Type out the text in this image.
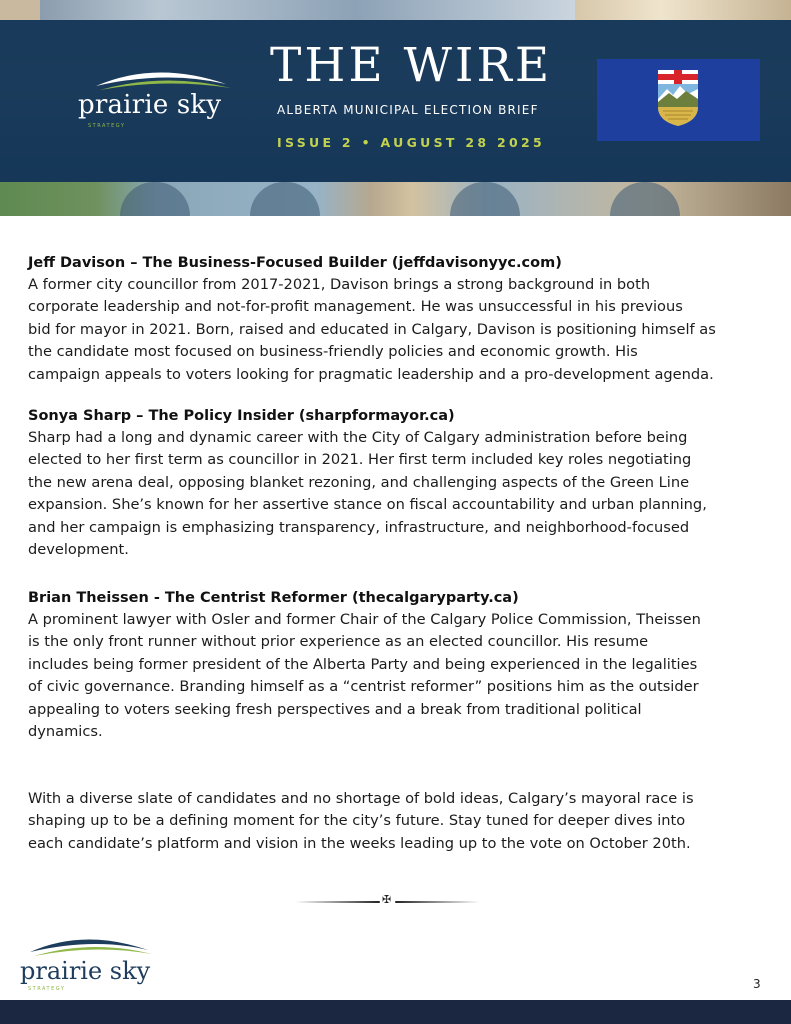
prairie sky
STRATEGY
THE WIRE
ALBERTA MUNICIPAL ELECTION BRIEF
ISSUE 2 • AUGUST 28 2025

Jeff Davison – The Business-Focused Builder (jeffdavisonyyc.com)

A former city councillor from 2017-2021, Davison brings a strong background in both
corporate leadership and not-for-profit management. He was unsuccessful in his previous
bid for mayor in 2021. Born, raised and educated in Calgary, Davison is positioning himself as
the candidate most focused on business-friendly policies and economic growth. His
campaign appeals to voters looking for pragmatic leadership and a pro-development agenda.

Sonya Sharp – The Policy Insider (sharpformayor.ca)

Sharp had a long and dynamic career with the City of Calgary administration before being
elected to her first term as councillor in 2021. Her first term included key roles negotiating
the new arena deal, opposing blanket rezoning, and challenging aspects of the Green Line
expansion. She’s known for her assertive stance on fiscal accountability and urban planning,
and her campaign is emphasizing transparency, infrastructure, and neighborhood-focused
development.

Brian Theissen - The Centrist Reformer (thecalgaryparty.ca)

A prominent lawyer with Osler and former Chair of the Calgary Police Commission, Theissen
is the only front runner without prior experience as an elected councillor. His resume
includes being former president of the Alberta Party and being experienced in the legalities
of civic governance. Branding himself as a “centrist reformer” positions him as the outsider
appealing to voters seeking fresh perspectives and a break from traditional political
dynamics.

With a diverse slate of candidates and no shortage of bold ideas, Calgary’s mayoral race is
shaping up to be a defining moment for the city’s future. Stay tuned for deeper dives into
each candidate’s platform and vision in the weeks leading up to the vote on October 20th.

✠
prairie sky
STRATEGY	3
